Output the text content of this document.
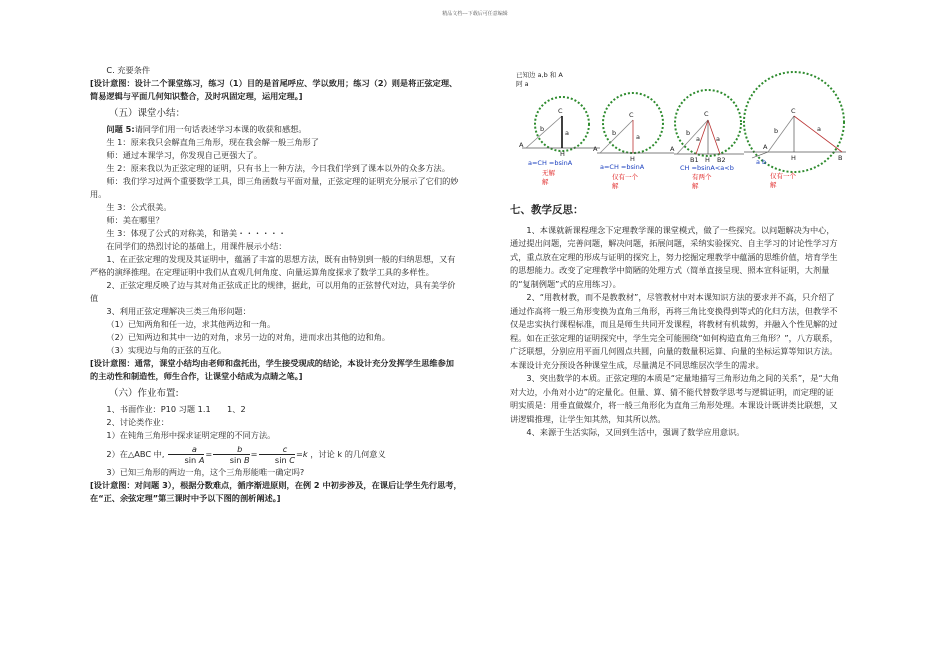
精品文档---下载后可任意编辑

C. 充要条件

[设计意图：设计二个课堂练习，练习（1）目的是首尾呼应、学以致用；练习（2）则是将正弦定理、简易逻辑与平面几何知识整合，及时巩固定理，运用定理。]

（五）课堂小结：

问题 5:请同学们用一句话表述学习本课的收获和感想。

生 1：原来我只会解直角三角形，现在我会解一般三角形了

师：通过本课学习，你发现自己更强大了。

生 2：原来我以为正弦定理的证明，只有书上一种方法，今日我们学到了课本以外的众多方法。

师：我们学习过两个重要数学工具，即三角函数与平面对量，正弦定理的证明充分展示了它们的妙用。

生 3：公式很美。

师：美在哪里？

生 3：体现了公式的对称美，和谐美・・・・・・

在同学们的热烈讨论的基础上，用课件展示小结：

1、在正弦定理的发现及其证明中，蕴涵了丰富的思想方法，既有由特别到一般的归纳思想，又有严格的演绎推理。在定理证明中我们从直观几何角度、向量运算角度探求了数学工具的多样性。

2、正弦定理反映了边与其对角正弦成正比的规律，据此，可以用角的正弦替代对边，具有美学价值

3、利用正弦定理解决三类三角形问题：

（1）已知两角和任一边，求其他两边和一角。

（2）已知两边和其中一边的对角，求另一边的对角，进而求出其他的边和角。

（3）实现边与角的正弦的互化。

[设计意图：通常，课堂小结均由老师和盘托出，学生接受现成的结论，本设计充分发挥学生思维参加的主动性和制造性，师生合作，让课堂小结成为点睛之笔。]

（六）作业布置:

1、书面作业：P10 习题 1.1　　1、2

2、讨论类作业：

1）在钝角三角形中探求证明定理的不同方法。

2）在△ABC 中, $\frac{a}{\text{sin A}} = \frac{b}{\text{sin B}} = \frac{c}{\text{sin C}} =k$ ，讨论 k 的几何意义

3）已知三角形的两边一角，这个三角形能唯一确定吗?

[设计意图：对问题 3），根据分数难点，循序渐进原则，在例 2 中初步涉及，在课后让学生先行思考，在“正、余弦定理”第三课时中予以下图的剖析阐述。]

已知边 a,b 和 A
阿 a
C
b	a
A
H
a=CH =bsinA
无解
解
C
b	a
A
H
a=CH =bsinA
仅有一个
解
C
b
a a
A
B1 H B2
CH =bsinA<a<b
有两个
解
C
b	a
A
H	B
a b
仅有一个
解

七、教学反思：

1、本课就新课程理念下定理教学课的课堂模式，做了一些探究。以问题解决为中心，通过提出问题，完善问题，解决问题，拓展问题，采纳实验探究、自主学习的讨论性学习方式，重点放在定理的形成与证明的探究上，努力挖掘定理教学中蕴涵的思维价值，培育学生的思想能力。改变了定理教学中简陋的处理方式（简单直接呈现、照本宣科证明，大剂量的“复制例题”式的应用练习）。

2、“用教材教，而不是教教材”，尽管教材中对本课知识方法的要求并不高，只介绍了通过作高将一般三角形变换为直角三角形，再将三角比变换得到等式的化归方法，但教学不仅是忠实执行课程标准，而且是师生共同开发课程，将教材有机裁剪，并融入个性见解的过程。如在正弦定理的证明探究中，学生完全可能围绕“如何构造直角三角形？”，八方联系，广泛联想，分别应用平面几何圆点共圆，向量的数量积运算、向量的坐标运算等知识方法。本课设计充分预设各种课堂生成，尽量满足不同思维层次学生的需求。

3、突出数学的本质。正弦定理的本质是“定量地描写三角形边角之间的关系”，是“大角对大边，小角对小边”的定量化。但量、算、猜不能代替数学思考与逻辑证明，而定理的证明实质是：用垂直做媒介，将一般三角形化为直角三角形处理。本课设计既讲类比联想，又讲逻辑推理，让学生知其然，知其所以然。

4、来源于生活实际，又回到生活中，强调了数学应用意识。
